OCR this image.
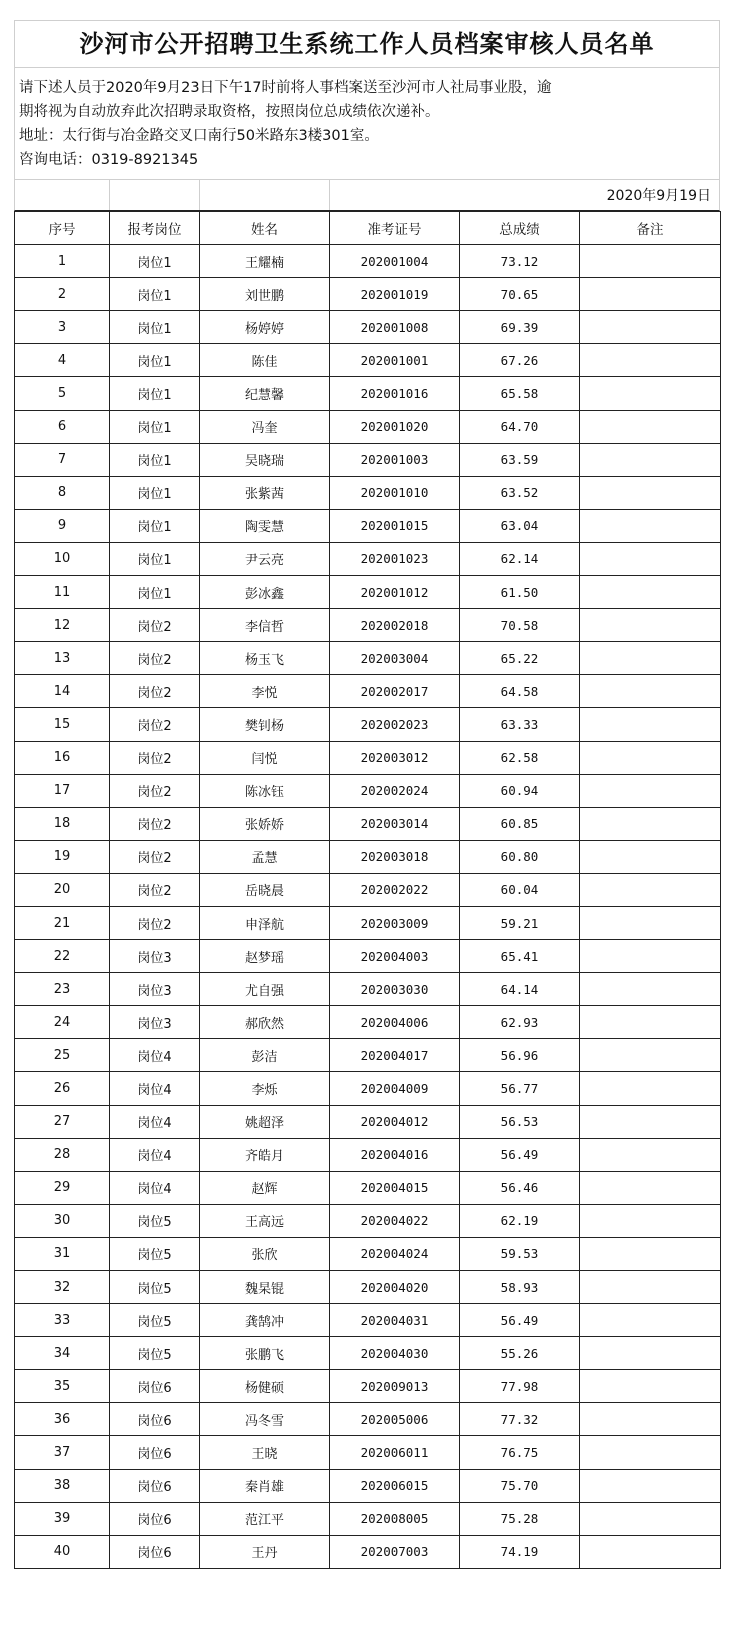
沙河市公开招聘卫生系统工作人员档案审核人员名单

请下述人员于2020年9月23日下午17时前将人事档案送至沙河市人社局事业股，逾

期将视为自动放弃此次招聘录取资格，按照岗位总成绩依次递补。

地址：太行街与冶金路交叉口南行50米路东3楼301室。

咨询电话：0319-8921345

2020年9月19日
序号	报考岗位	姓名	准考证号	总成绩	备注
1	岗位1	王耀楠	202001004	73.12	
2	岗位1	刘世鹏	202001019	70.65	
3	岗位1	杨婷婷	202001008	69.39	
4	岗位1	陈佳	202001001	67.26	
5	岗位1	纪慧馨	202001016	65.58	
6	岗位1	冯奎	202001020	64.70	
7	岗位1	吴晓瑞	202001003	63.59	
8	岗位1	张紫茜	202001010	63.52	
9	岗位1	陶雯慧	202001015	63.04	
10	岗位1	尹云亮	202001023	62.14	
11	岗位1	彭冰鑫	202001012	61.50	
12	岗位2	李信哲	202002018	70.58	
13	岗位2	杨玉飞	202003004	65.22	
14	岗位2	李悦	202002017	64.58	
15	岗位2	樊钊杨	202002023	63.33	
16	岗位2	闫悦	202003012	62.58	
17	岗位2	陈冰钰	202002024	60.94	
18	岗位2	张娇娇	202003014	60.85	
19	岗位2	孟慧	202003018	60.80	
20	岗位2	岳晓晨	202002022	60.04	
21	岗位2	申泽航	202003009	59.21	
22	岗位3	赵梦瑶	202004003	65.41	
23	岗位3	尤自强	202003030	64.14	
24	岗位3	郝欣然	202004006	62.93	
25	岗位4	彭洁	202004017	56.96	
26	岗位4	李烁	202004009	56.77	
27	岗位4	姚超泽	202004012	56.53	
28	岗位4	齐皓月	202004016	56.49	
29	岗位4	赵辉	202004015	56.46	
30	岗位5	王高远	202004022	62.19	
31	岗位5	张欣	202004024	59.53	
32	岗位5	魏杲锟	202004020	58.93	
33	岗位5	龚鹄冲	202004031	56.49	
34	岗位5	张鹏飞	202004030	55.26	
35	岗位6	杨健硕	202009013	77.98	
36	岗位6	冯冬雪	202005006	77.32	
37	岗位6	王晓	202006011	76.75	
38	岗位6	秦肖雄	202006015	75.70	
39	岗位6	范江平	202008005	75.28	
40	岗位6	王丹	202007003	74.19	
